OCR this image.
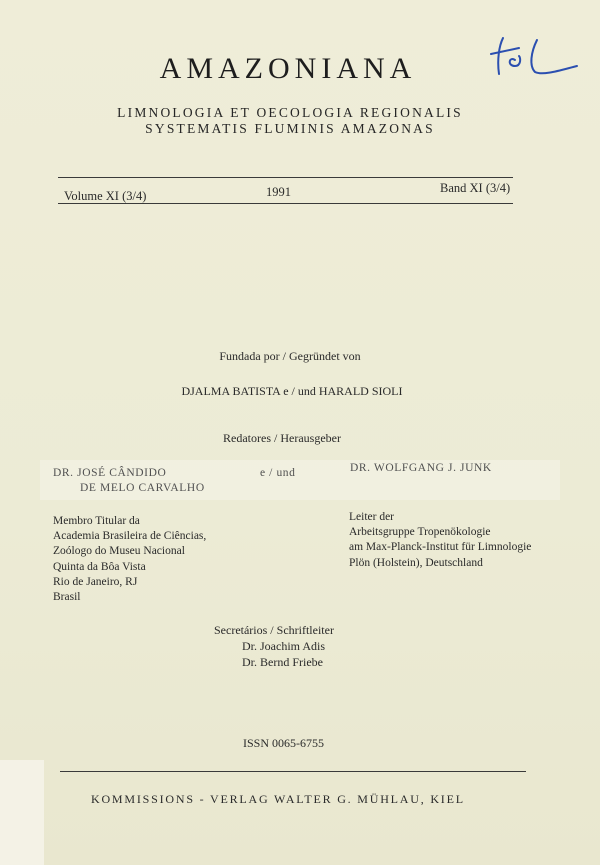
AMAZONIANA
LIMNOLOGIA ET OECOLOGIA REGIONALIS
SYSTEMATIS FLUMINIS AMAZONAS
Volume XI (3/4)	1991	Band XI (3/4)
Fundada por / Gegründet von
DJALMA BATISTA e / und HARALD SIOLI
Redatores / Herausgeber
DR. JOSÉ CÂNDIDO
DE MELO CARVALHO
e / und	DR. WOLFGANG J. JUNK
Membro Titular da
Academia Brasileira de Ciências,
Zoólogo do Museu Nacional
Quinta da Bôa Vista
Rio de Janeiro, RJ
Brasil
Leiter der
Arbeitsgruppe Tropenökologie
am Max-Planck-Institut für Limnologie
Plön (Holstein), Deutschland
Secretários / Schriftleiter
Dr. Joachim Adis
Dr. Bernd Friebe
ISSN 0065-6755
KOMMISSIONS - VERLAG WALTER G. MÜHLAU, KIEL
